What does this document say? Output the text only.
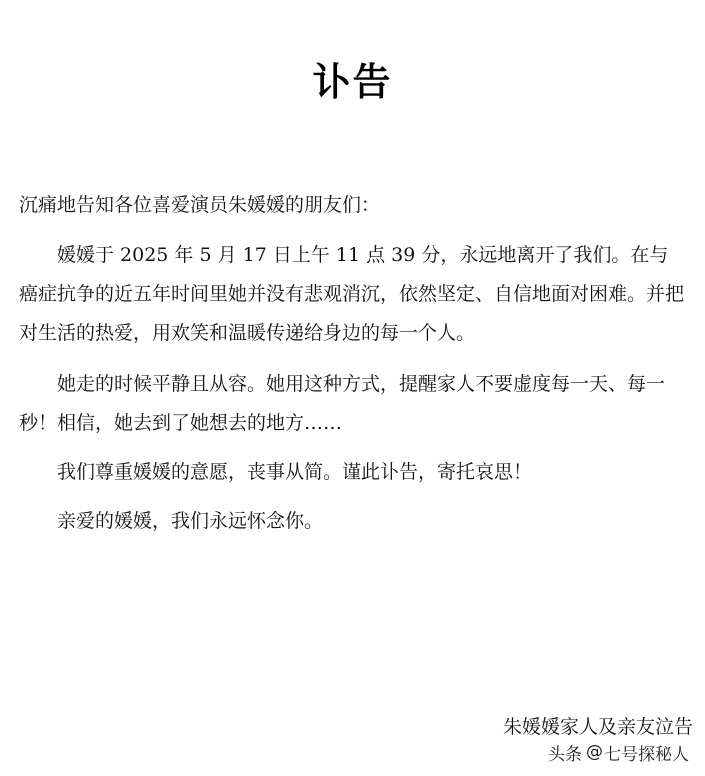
讣告
沉痛地告知各位喜爱演员朱媛媛的朋友们：
媛媛于 2025 年 5 月 17 日上午 11 点 39 分，永远地离开了我们。在与癌症抗争的近五年时间里她并没有悲观消沉，依然坚定、自信地面对困难。并把对生活的热爱，用欢笑和温暖传递给身边的每一个人。
她走的时候平静且从容。她用这种方式，提醒家人不要虚度每一天、每一秒！相信，她去到了她想去的地方……
我们尊重媛媛的意愿，丧事从简。谨此讣告，寄托哀思！
亲爱的媛媛，我们永远怀念你。
朱媛媛家人及亲友泣告
头条 @ 七号探秘人
